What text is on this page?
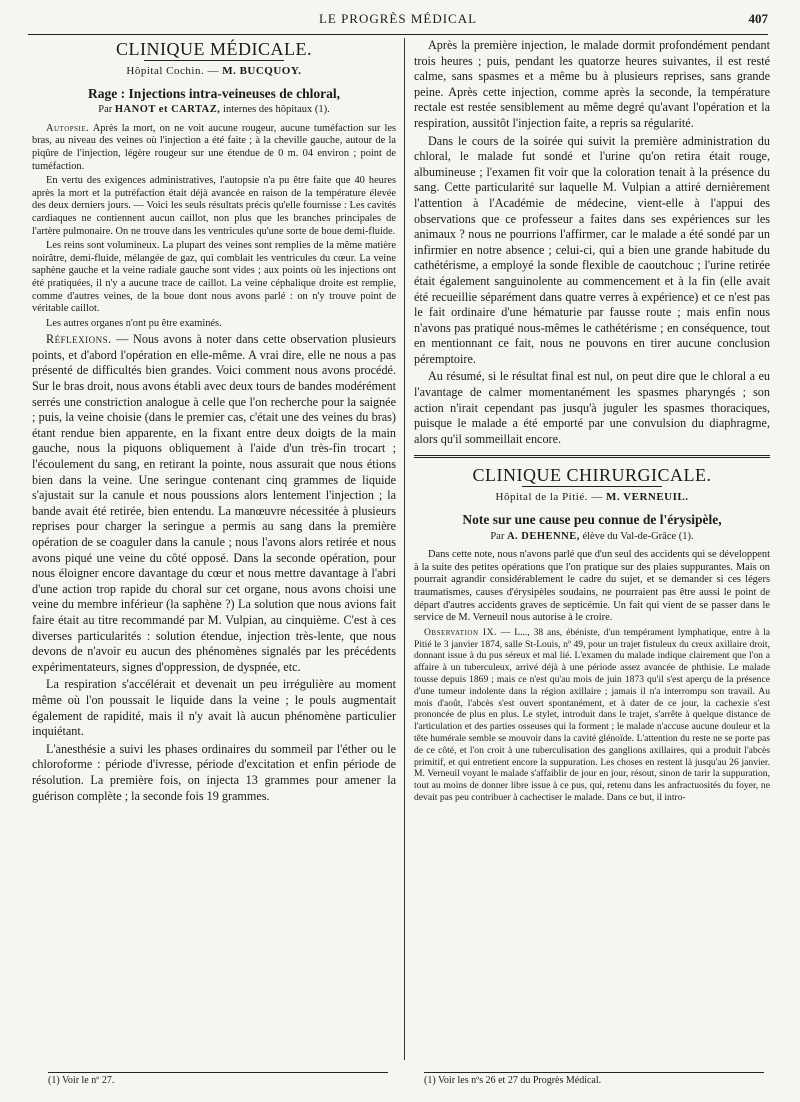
LE PROGRÈS MÉDICAL	407
CLINIQUE MÉDICALE.
Hôpital Cochin. — M. BUCQUOY.
Rage : Injections intra-veineuses de chloral,
Par HANOT et CARTAZ, internes des hôpitaux (1).

Autopsie. Après la mort, on ne voit aucune rougeur, aucune tuméfaction sur les bras, au niveau des veines où l'injection a été faite ; à la cheville gauche, autour de la piqûre de l'injection, légère rougeur sur une étendue de 0 m. 04 environ ; point de tuméfaction.

En vertu des exigences administratives, l'autopsie n'a pu être faite que 40 heures après la mort et la putréfaction était déjà avancée en raison de la température élevée des deux derniers jours. — Voici les seuls résultats précis qu'elle fournisse : Les cavités cardiaques ne contiennent aucun caillot, non plus que les branches principales de l'artère pulmonaire. On ne trouve dans les ventricules qu'une sorte de boue demi-fluide.

Les reins sont volumineux. La plupart des veines sont remplies de la même matière noirâtre, demi-fluide, mélangée de gaz, qui comblait les ventricules du cœur. La veine saphène gauche et la veine radiale gauche sont vides ; aux points où les injections ont été pratiquées, il n'y a aucune trace de caillot. La veine céphalique droite est remplie, comme d'autres veines, de la boue dont nous avons parlé : on n'y trouve point de véritable caillot.

Les autres organes n'ont pu être examinés.

Réflexions. — Nous avons à noter dans cette observation plusieurs points, et d'abord l'opération en elle-même. A vrai dire, elle ne nous a pas présenté de difficultés bien grandes. Voici comment nous avons procédé. Sur le bras droit, nous avons établi avec deux tours de bandes modérément serrés une constriction analogue à celle que l'on recherche pour la saignée ; puis, la veine choisie (dans le premier cas, c'était une des veines du bras) étant rendue bien apparente, en la fixant entre deux doigts de la main gauche, nous la piquons obliquement à l'aide d'un très-fin trocart ; l'écoulement du sang, en retirant la pointe, nous assurait que nous étions bien dans la veine. Une seringue contenant cinq grammes de liquide s'ajustait sur la canule et nous poussions alors lentement l'injection ; la bande avait été retirée, bien entendu. La manœuvre nécessitée à plusieurs reprises pour charger la seringue a permis au sang dans la première opération de se coaguler dans la canule ; nous l'avons alors retirée et nous avons piqué une veine du côté opposé. Dans la seconde opération, pour nous éloigner encore davantage du cœur et nous mettre davantage à l'abri d'une action trop rapide du choral sur cet organe, nous avons choisi une veine du membre inférieur (la saphène ?) La solution que nous avions fait faire était au titre recommandé par M. Vulpian, au cinquième. C'est à ces diverses particularités : solution étendue, injection très-lente, que nous devons de n'avoir eu aucun des phénomènes signalés par les précédents expérimentateurs, signes d'oppression, de dyspnée, etc.

La respiration s'accélérait et devenait un peu irrégulière au moment même où l'on poussait le liquide dans la veine ; le pouls augmentait également de rapidité, mais il n'y avait là aucun phénomène particulier inquiétant.

L'anesthésie a suivi les phases ordinaires du sommeil par l'éther ou le chloroforme : période d'ivresse, période d'excitation et enfin période de résolution. La première fois, on injecta 13 grammes pour amener la guérison complète ; la seconde fois 19 grammes.

Après la première injection, le malade dormit profondément pendant trois heures ; puis, pendant les quatorze heures suivantes, il est resté calme, sans spasmes et a même bu à plusieurs reprises, sans grande peine. Après cette injection, comme après la seconde, la température rectale est restée sensiblement au même degré qu'avant l'opération et la respiration, aussitôt l'injection faite, a repris sa régularité.

Dans le cours de la soirée qui suivit la première administration du chloral, le malade fut sondé et l'urine qu'on retira était rouge, albumineuse ; l'examen fit voir que la coloration tenait à la présence du sang. Cette particularité sur laquelle M. Vulpian a attiré dernièrement l'attention à l'Académie de médecine, vient-elle à l'appui des observations que ce professeur a faites dans ses expériences sur les animaux ? nous ne pourrions l'affirmer, car le malade a été sondé par un infirmier en notre absence ; celui-ci, qui a bien une grande habitude du cathétérisme, a employé la sonde flexible de caoutchouc ; l'urine retirée était également sanguinolente au commencement et à la fin (elle avait été recueillie séparément dans quatre verres à expérience) et ce n'est pas le fait ordinaire d'une hématurie par fausse route ; mais enfin nous n'avons pas pratiqué nous-mêmes le cathétérisme ; en conséquence, tout en mentionnant ce fait, nous ne pouvons en tirer aucune conclusion péremptoire.

Au résumé, si le résultat final est nul, on peut dire que le chloral a eu l'avantage de calmer momentanément les spasmes pharyngés ; son action n'irait cependant pas jusqu'à juguler les spasmes thoraciques, puisque le malade a été emporté par une convulsion du diaphragme, alors qu'il sommeillait encore.

CLINIQUE CHIRURGICALE.
Hôpital de la Pitié. — M. VERNEUIL.
Note sur une cause peu connue de l'érysipèle,
Par A. DEHENNE, élève du Val-de-Grâce (1).

Dans cette note, nous n'avons parlé que d'un seul des accidents qui se développent à la suite des petites opérations que l'on pratique sur des plaies suppurantes. Mais on pourrait agrandir considérablement le cadre du sujet, et se demander si ces légers traumatismes, causes d'érysipèles soudains, ne pourraient pas être aussi le point de départ d'autres accidents graves de septicémie. Un fait qui vient de se passer dans le service de M. Verneuil nous autorise à le croire.

Observation IX. — L..., 38 ans, ébéniste, d'un tempérament lymphatique, entre à la Pitié le 3 janvier 1874, salle St-Louis, nº 49, pour un trajet fistuleux du creux axillaire droit, donnant issue à du pus séreux et mal lié. L'examen du malade indique clairement que l'on a affaire à un tuberculeux, arrivé déjà à une période assez avancée de phthisie. Le malade tousse depuis 1869 ; mais ce n'est qu'au mois de juin 1873 qu'il s'est aperçu de la présence d'une tumeur indolente dans la région axillaire ; jamais il n'a interrompu son travail. Au mois d'août, l'abcès s'est ouvert spontanément, et à dater de ce jour, la cachexie s'est prononcée de plus en plus. Le stylet, introduit dans le trajet, s'arrête à quelque distance de l'articulation et des parties osseuses qui la forment ; le malade n'accuse aucune douleur et la tête humérale semble se mouvoir dans la cavité glénoïde. L'attention du reste ne se porte pas de ce côté, et l'on croit à une tuberculisation des ganglions axillaires, qui a produit l'abcès primitif, et qui entretient encore la suppuration. Les choses en restent là jusqu'au 26 janvier. M. Verneuil voyant le malade s'affaiblir de jour en jour, résout, sinon de tarir la suppuration, tout au moins de donner libre issue à ce pus, qui, retenu dans les anfractuosités du foyer, ne devait pas peu contribuer à cachectiser le malade. Dans ce but, il intro-

(1) Voir le nº 27.	(1) Voir les nºs 26 et 27 du Progrès Médical.
